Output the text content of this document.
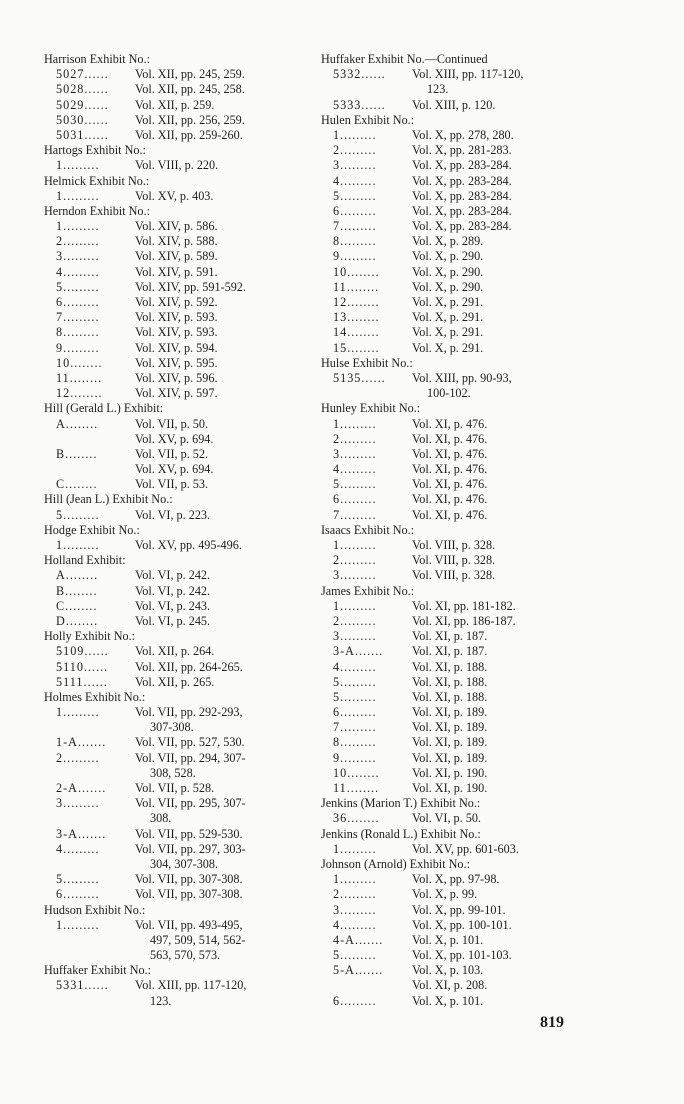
Harrison Exhibit No.:
5027...... Vol. XII, pp. 245, 259.
5028...... Vol. XII, pp. 245, 258.
5029...... Vol. XII, p. 259.
5030...... Vol. XII, pp. 256, 259.
5031...... Vol. XII, pp. 259-260.
Hartogs Exhibit No.:
1.........	Vol. VIII, p. 220.
Helmick Exhibit No.:
1.........	Vol. XV, p. 403.
Herndon Exhibit No.:
1.........	Vol. XIV, p. 586.
2.........	Vol. XIV, p. 588.
3.........	Vol. XIV, p. 589.
4.........	Vol. XIV, p. 591.
5.........	Vol. XIV, pp. 591-592.
6.........	Vol. XIV, p. 592.
7.........	Vol. XIV, p. 593.
8.........	Vol. XIV, p. 593.
9.........	Vol. XIV, p. 594.
10........	Vol. XIV, p. 595.
11........	Vol. XIV, p. 596.
12........	Vol. XIV, p. 597.
Hill (Gerald L.) Exhibit:
A........	Vol. VII, p. 50.
Vol. XV, p. 694.
B........	Vol. VII, p. 52.
Vol. XV, p. 694.
C........	Vol. VII, p. 53.
Hill (Jean L.) Exhibit No.:
5.........	Vol. VI, p. 223.
Hodge Exhibit No.:
1.........	Vol. XV, pp. 495-496.
Holland Exhibit:
A........	Vol. VI, p. 242.
B........	Vol. VI, p. 242.
C........	Vol. VI, p. 243.
D........	Vol. VI, p. 245.
Holly Exhibit No.:
5109...... Vol. XII, p. 264.
5110...... Vol. XII, pp. 264-265.
5111...... Vol. XII, p. 265.
Holmes Exhibit No.:
1.........	Vol. VII, pp. 292-293,
307-308.
1-A....... Vol. VII, pp. 527, 530.
2.........	Vol. VII, pp. 294, 307-
308, 528.
2-A....... Vol. VII, p. 528.
3.........	Vol. VII, pp. 295, 307-
308.
3-A....... Vol. VII, pp. 529-530.
4.........	Vol. VII, pp. 297, 303-
304, 307-308.
5.........	Vol. VII, pp. 307-308.
6.........	Vol. VII, pp. 307-308.
Hudson Exhibit No.:
1.........	Vol. VII, pp. 493-495,
497, 509, 514, 562-
563, 570, 573.
Huffaker Exhibit No.:
5331...... Vol. XIII, pp. 117-120,
123.
Huffaker Exhibit No.—Continued
5332...... Vol. XIII, pp. 117-120,
123.
5333...... Vol. XIII, p. 120.
Hulen Exhibit No.:
1.........	Vol. X, pp. 278, 280.
2.........	Vol. X, pp. 281-283.
3.........	Vol. X, pp. 283-284.
4.........	Vol. X, pp. 283-284.
5.........	Vol. X, pp. 283-284.
6.........	Vol. X, pp. 283-284.
7.........	Vol. X, pp. 283-284.
8.........	Vol. X, p. 289.
9.........	Vol. X, p. 290.
10........	Vol. X, p. 290.
11........	Vol. X, p. 290.
12........	Vol. X, p. 291.
13........	Vol. X, p. 291.
14........	Vol. X, p. 291.
15........	Vol. X, p. 291.
Hulse Exhibit No.:
5135...... Vol. XIII, pp. 90-93,
100-102.
Hunley Exhibit No.:
1.........	Vol. XI, p. 476.
2.........	Vol. XI, p. 476.
3.........	Vol. XI, p. 476.
4.........	Vol. XI, p. 476.
5.........	Vol. XI, p. 476.
6.........	Vol. XI, p. 476.
7.........	Vol. XI, p. 476.
Isaacs Exhibit No.:
1.........	Vol. VIII, p. 328.
2.........	Vol. VIII, p. 328.
3.........	Vol. VIII, p. 328.
James Exhibit No.:
1.........	Vol. XI, pp. 181-182.
2.........	Vol. XI, pp. 186-187.
3.........	Vol. XI, p. 187.
3-A....... Vol. XI, p. 187.
4.........	Vol. XI, p. 188.
5.........	Vol. XI, p. 188.
5.........	Vol. XI, p. 188.
6.........	Vol. XI, p. 189.
7.........	Vol. XI, p. 189.
8.........	Vol. XI, p. 189.
9.........	Vol. XI, p. 189.
10........	Vol. XI, p. 190.
11........	Vol. XI, p. 190.
Jenkins (Marion T.) Exhibit No.:
36........	Vol. VI, p. 50.
Jenkins (Ronald L.) Exhibit No.:
1.........	Vol. XV, pp. 601-603.
Johnson (Arnold) Exhibit No.:
1.........	Vol. X, pp. 97-98.
2.........	Vol. X, p. 99.
3.........	Vol. X, pp. 99-101.
4.........	Vol. X, pp. 100-101.
4-A....... Vol. X, p. 101.
5.........	Vol. X, pp. 101-103.
5-A....... Vol. X, p. 103.
Vol. XI, p. 208.
6.........	Vol. X, p. 101.
819
